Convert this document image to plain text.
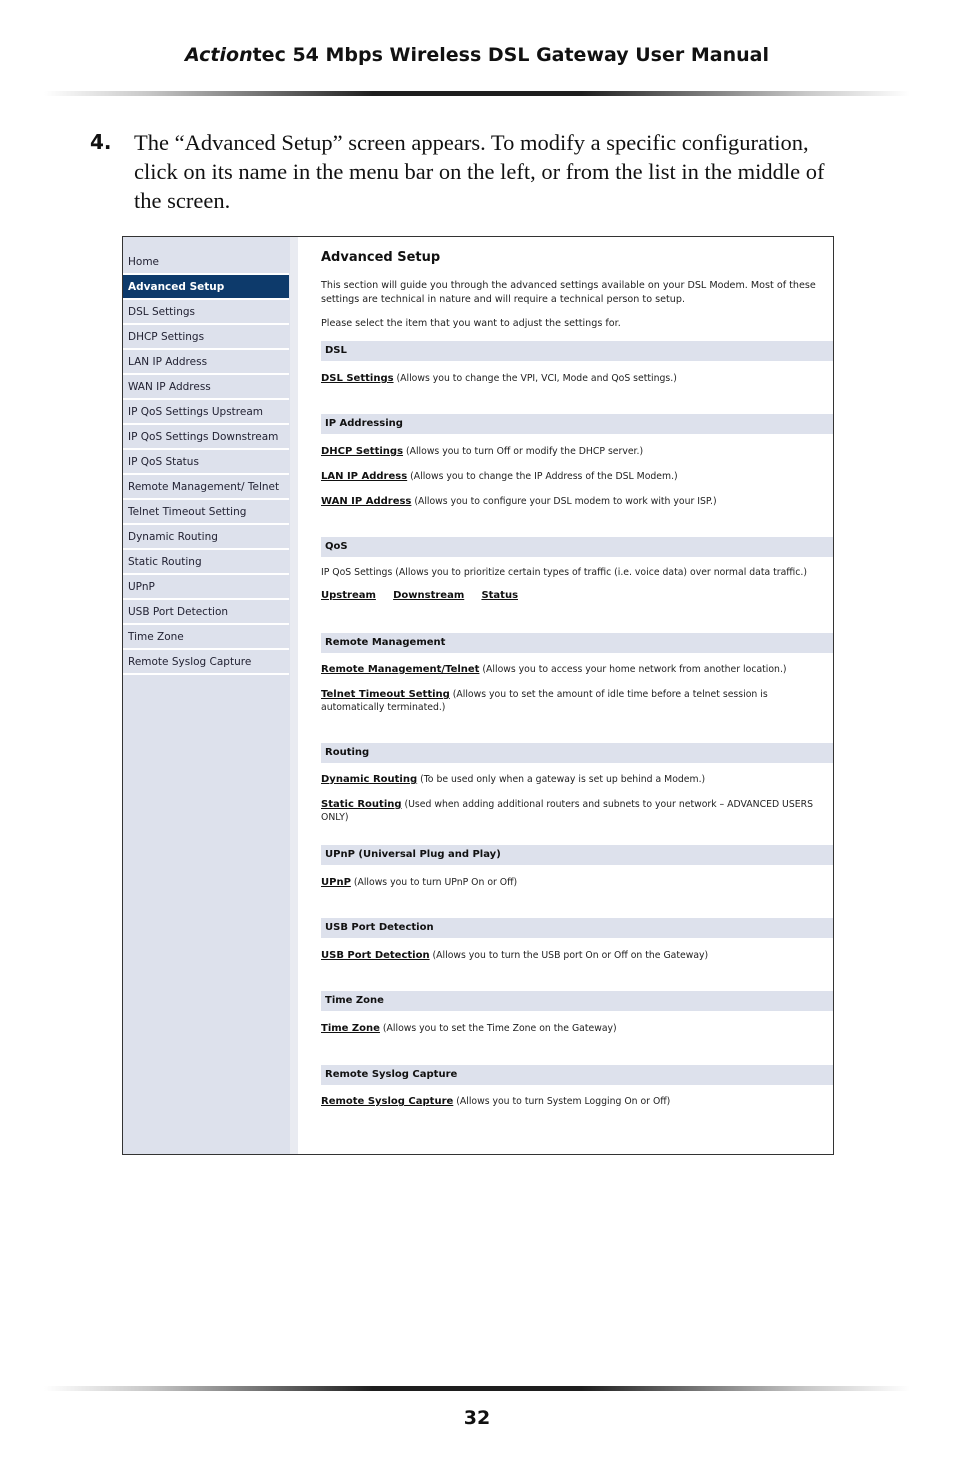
Actiontec 54 Mbps Wireless DSL Gateway User Manual
4. The “Advanced Setup” screen appears. To modify a specific configuration, click on its name in the menu bar on the left, or from the list in the middle of the screen.
Home
Advanced Setup
DSL Settings
DHCP Settings
LAN IP Address
WAN IP Address
IP QoS Settings Upstream
IP QoS Settings Downstream
IP QoS Status
Remote Management/ Telnet
Telnet Timeout Setting
Dynamic Routing
Static Routing
UPnP
USB Port Detection
Time Zone
Remote Syslog Capture
Advanced Setup
This section will guide you through the advanced settings available on your DSL Modem. Most of these settings are technical in nature and will require a technical person to setup.
Please select the item that you want to adjust the settings for.
DSL
DSL Settings (Allows you to change the VPI, VCI, Mode and QoS settings.)
IP Addressing
DHCP Settings (Allows you to turn Off or modify the DHCP server.)
LAN IP Address (Allows you to change the IP Address of the DSL Modem.)
WAN IP Address (Allows you to configure your DSL modem to work with your ISP.)
QoS
IP QoS Settings (Allows you to prioritize certain types of traffic (i.e. voice data) over normal data traffic.)
Upstream Downstream Status
Remote Management
Remote Management/Telnet (Allows you to access your home network from another location.)
Telnet Timeout Setting (Allows you to set the amount of idle time before a telnet session is automatically terminated.)
Routing
Dynamic Routing (To be used only when a gateway is set up behind a Modem.)
Static Routing (Used when adding additional routers and subnets to your network – ADVANCED USERS ONLY)
UPnP (Universal Plug and Play)
UPnP (Allows you to turn UPnP On or Off)
USB Port Detection
USB Port Detection (Allows you to turn the USB port On or Off on the Gateway)
Time Zone
Time Zone (Allows you to set the Time Zone on the Gateway)
Remote Syslog Capture
Remote Syslog Capture (Allows you to turn System Logging On or Off)
32
